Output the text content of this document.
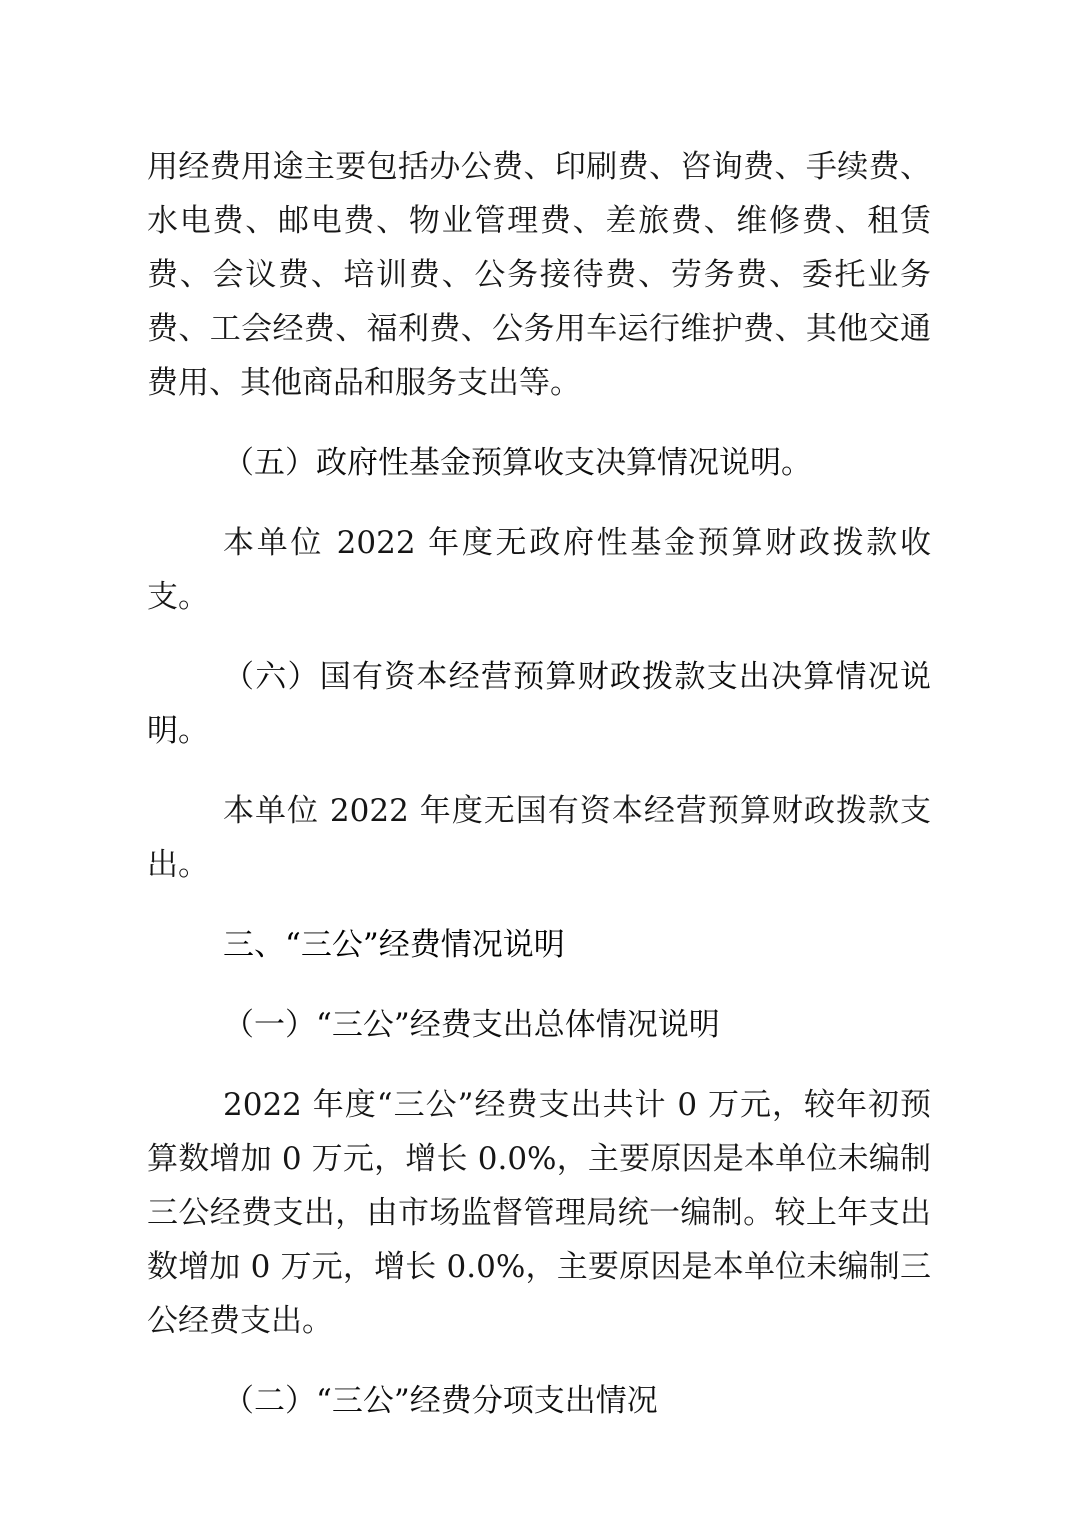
用经费用途主要包括办公费、印刷费、咨询费、手续费、水电费、邮电费、物业管理费、差旅费、维修费、租赁费、会议费、培训费、公务接待费、劳务费、委托业务费、工会经费、福利费、公务用车运行维护费、其他交通费用、其他商品和服务支出等。

（五）政府性基金预算收支决算情况说明。

本单位 2022 年度无政府性基金预算财政拨款收支。

（六）国有资本经营预算财政拨款支出决算情况说明。

本单位 2022 年度无国有资本经营预算财政拨款支出。

三、“三公”经费情况说明

（一）“三公”经费支出总体情况说明

2022 年度“三公”经费支出共计 0 万元，较年初预算数增加 0 万元，增长 0.0%，主要原因是本单位未编制三公经费支出，由市场监督管理局统一编制。较上年支出数增加 0 万元，增长 0.0%，主要原因是本单位未编制三公经费支出。

（二）“三公”经费分项支出情况
